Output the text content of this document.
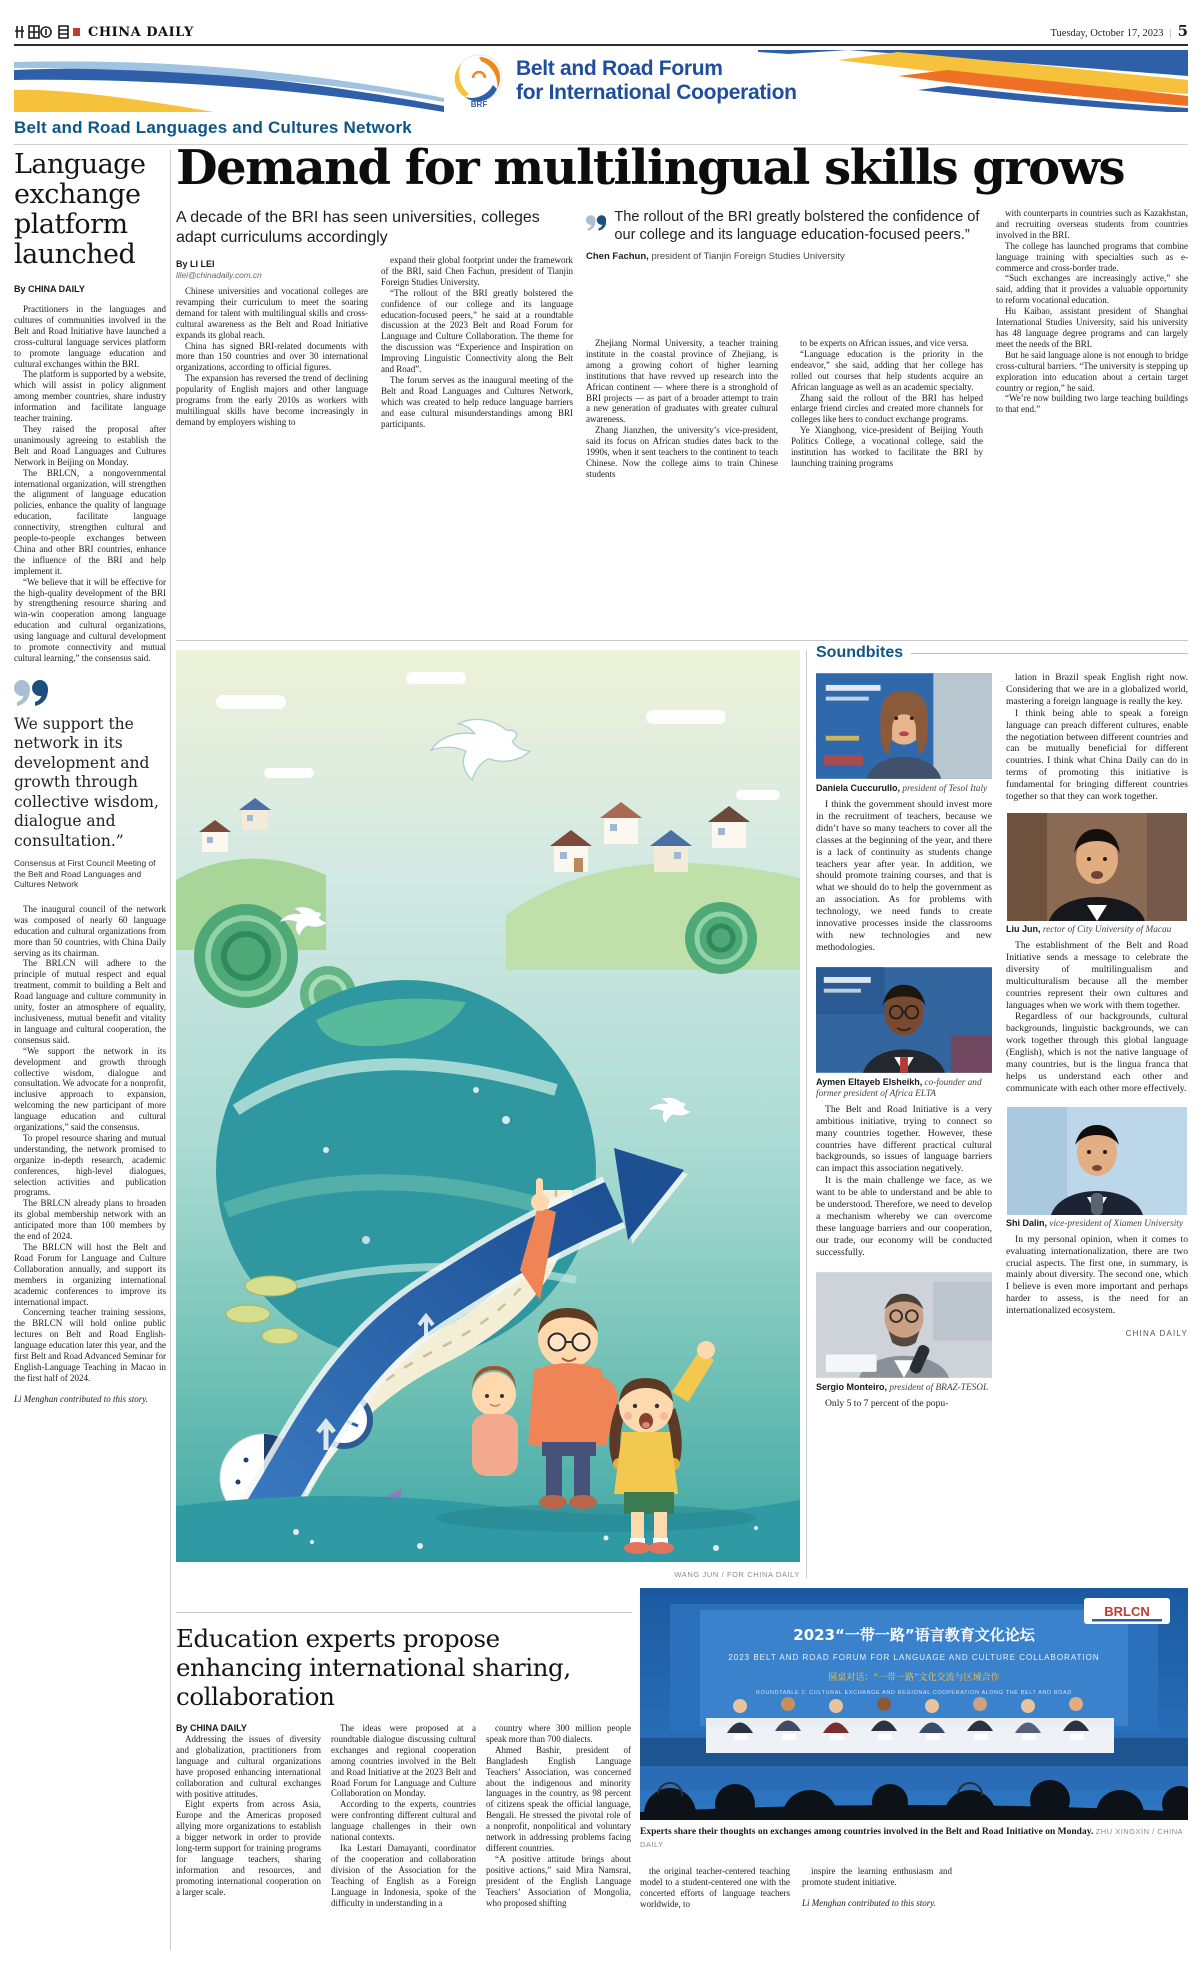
CHINA DAILY	Tuesday, October 17, 2023 | 5
BRF
Belt and Road Forum
for International Cooperation
Belt and Road Languages and Cultures Network
Language exchange platform launched
By CHINA DAILY

Practitioners in the languages and cultures of communities involved in the Belt and Road Initiative have launched a cross-cultural language services platform to promote language education and cultural exchanges within the BRI.

The platform is supported by a website, which will assist in policy alignment among member countries, share industry information and facilitate language teacher training.

They raised the proposal after unanimously agreeing to establish the Belt and Road Languages and Cultures Network in Beijing on Monday.

The BRLCN, a nongovernmental international organization, will strengthen the alignment of language education policies, enhance the quality of language education, facilitate language connectivity, strengthen cultural and people-to-people exchanges between China and other BRI countries, enhance the influence of the BRI and help implement it.

“We believe that it will be effective for the high-quality development of the BRI by strengthening resource sharing and win-win cooperation among language education and cultural organizations, using language and cultural development to promote connectivity and mutual cultural learning,” the consensus said.

We support the network in its development and growth through collective wisdom, dialogue and consultation.”
Consensus at First Council Meeting of the Belt and Road Languages and Cultures Network

The inaugural council of the network was composed of nearly 60 language education and cultural organizations from more than 50 countries, with China Daily serving as its chairman.

The BRLCN will adhere to the principle of mutual respect and equal treatment, commit to building a Belt and Road language and culture community in unity, foster an atmosphere of equality, inclusiveness, mutual benefit and vitality in language and cultural cooperation, the consensus said.

“We support the network in its development and growth through collective wisdom, dialogue and consultation. We advocate for a nonprofit, inclusive approach to expansion, welcoming the new participant of more language education and cultural organizations,” said the consensus.

To propel resource sharing and mutual understanding, the network promised to organize in-depth research, academic conferences, high-level dialogues, selection activities and publication programs.

The BRLCN already plans to broaden its global membership network with an anticipated more than 100 members by the end of 2024.

The BRLCN will host the Belt and Road Forum for Language and Culture Collaboration annually, and support its members in organizing international academic conferences to improve its international impact.

Concerning teacher training sessions, the BRLCN will hold online public lectures on Belt and Road English-language education later this year, and the first Belt and Road Advanced Seminar for English-Language Teaching in Macao in the first half of 2024.

Li Menghan contributed to this story.
Demand for multilingual skills grows
A decade of the BRI has seen universities, colleges adapt curriculums accordingly
By LI LEI
lilei@chinadaily.com.cn

Chinese universities and vocational colleges are revamping their curriculum to meet the soaring demand for talent with multilingual skills and cross-cultural awareness as the Belt and Road Initiative expands its global reach.

China has signed BRI-related documents with more than 150 countries and over 30 international organizations, according to official figures.

The expansion has reversed the trend of declining popularity of English majors and other language programs from the early 2010s as workers with multilingual skills have become increasingly in demand by employers wishing to

expand their global footprint under the framework of the BRI, said Chen Fachun, president of Tianjin Foreign Studies University.

“The rollout of the BRI greatly bolstered the confidence of our college and its language education-focused peers,” he said at a roundtable discussion at the 2023 Belt and Road Forum for Language and Culture Collaboration. The theme for the discussion was “Experience and Inspiration on Improving Linguistic Connectivity along the Belt and Road”.

The forum serves as the inaugural meeting of the Belt and Road Languages and Cultures Network, which was created to help reduce language barriers and ease cultural misunderstandings among BRI participants.

The rollout of the BRI greatly bolstered the confidence of our college and its language education-focused peers.”
Chen Fachun, president of Tianjin Foreign Studies University

Zhejiang Normal University, a teacher training institute in the coastal province of Zhejiang, is among a growing cohort of higher learning institutions that have revved up research into the African continent — where there is a stronghold of BRI projects — as part of a broader attempt to train a new generation of graduates with greater cultural awareness.

Zhang Jianzhen, the university’s vice-president, said its focus on African studies dates back to the 1990s, when it sent teachers to the continent to teach Chinese. Now the college aims to train Chinese students

to be experts on African issues, and vice versa.

“Language education is the priority in the endeavor,” she said, adding that her college has rolled out courses that help students acquire an African language as well as an academic specialty.

Zhang said the rollout of the BRI has helped enlarge friend circles and created more channels for colleges like hers to conduct exchange programs.

Ye Xianghong, vice-president of Beijing Youth Politics College, a vocational college, said the institution has worked to facilitate the BRI by launching training programs

with counterparts in countries such as Kazakhstan, and recruiting overseas students from countries involved in the BRI.

The college has launched programs that combine language training with specialties such as e-commerce and cross-border trade.

“Such exchanges are increasingly active,” she said, adding that it provides a valuable opportunity to reform vocational education.

Hu Kaibao, assistant president of Shanghai International Studies University, said his university has 48 language degree programs and can largely meet the needs of the BRI.

But he said language alone is not enough to bridge cross-cultural barriers. “The university is stepping up exploration into education about a certain target country or region,” he said.

“We’re now building two large teaching buildings to that end.”

WANG JUN / FOR CHINA DAILY
Soundbites
Daniela Cuccurullo, president of Tesol Italy

I think the government should invest more in the recruitment of teachers, because we didn’t have so many teachers to cover all the classes at the beginning of the year, and there is a lack of continuity as students change teachers year after year. In addition, we should promote training courses, and that is what we should do to help the government as an association. As for problems with technology, we need funds to create innovative processes inside the classrooms with new technologies and new methodologies.

Aymen Eltayeb Elsheikh, co-founder and former president of Africa ELTA

The Belt and Road Initiative is a very ambitious initiative, trying to connect so many countries together. However, these countries have different practical cultural backgrounds, so issues of language barriers can impact this association negatively.

It is the main challenge we face, as we want to be able to understand and be able to be understood. Therefore, we need to develop a mechanism whereby we can overcome these language barriers and our cooperation, our trade, our economy will be conducted successfully.

Sergio Monteiro, president of BRAZ-TESOL

Only 5 to 7 percent of the popu-

lation in Brazil speak English right now. Considering that we are in a globalized world, mastering a foreign language is really the key.

I think being able to speak a foreign language can preach different cultures, enable the negotiation between different countries and can be mutually beneficial for different countries. I think what China Daily can do in terms of promoting this initiative is fundamental for bringing different countries together so that they can work together.

Liu Jun, rector of City University of Macau

The establishment of the Belt and Road Initiative sends a message to celebrate the diversity of multilingualism and multiculturalism because all the member countries represent their own cultures and languages when we work with them together.

Regardless of our backgrounds, cultural backgrounds, linguistic backgrounds, we can work together through this global language (English), which is not the native language of many countries, but is the lingua franca that helps us understand each other and communicate with each other more effectively.

Shi Dalin, vice-president of Xiamen University

In my personal opinion, when it comes to evaluating internationalization, there are two crucial aspects. The first one, in summary, is mainly about diversity. The second one, which I believe is even more important and perhaps harder to assess, is the need for an internationalized ecosystem.

CHINA DAILY
Education experts propose enhancing international sharing, collaboration
By CHINA DAILY

Addressing the issues of diversity and globalization, practitioners from language and cultural organizations have proposed enhancing international collaboration and cultural exchanges with positive attitudes.

Eight experts from across Asia, Europe and the Americas proposed allying more organizations to establish a bigger network in order to provide long-term support for training programs for language teachers, sharing information and resources, and promoting international cooperation on a larger scale.

The ideas were proposed at a roundtable dialogue discussing cultural exchanges and regional cooperation among countries involved in the Belt and Road Initiative at the 2023 Belt and Road Forum for Language and Culture Collaboration on Monday.

According to the experts, countries were confronting different cultural and language challenges in their own national contexts.

Ika Lestari Damayanti, coordinator of the cooperation and collaboration division of the Association for the Teaching of English as a Foreign Language in Indonesia, spoke of the difficulty in understanding in a

country where 300 million people speak more than 700 dialects.

Ahmed Bashir, president of Bangladesh English Language Teachers’ Association, was concerned about the indigenous and minority languages in the country, as 98 percent of citizens speak the official language, Bengali. He stressed the pivotal role of a nonprofit, nonpolitical and voluntary network in addressing problems facing different countries.

“A positive attitude brings about positive actions,” said Mira Namsrai, president of the English Language Teachers’ Association of Mongolia, who proposed shifting

2023“一带一路”语言教育文化论坛
2023 BELT AND ROAD FORUM FOR LANGUAGE AND CULTURE COLLABORATION
圆桌对话：“一带一路”文化交流与区域合作
ROUNDTABLE 1: CULTURAL EXCHANGE AND REGIONAL COOPERATION ALONG THE BELT AND ROAD
BRLCN
Experts share their thoughts on exchanges among countries involved in the Belt and Road Initiative on Monday. ZHU XINGXIN / CHINA DAILY

the original teacher-centered teaching model to a student-centered one with the concerted efforts of language teachers worldwide, to

inspire the learning enthusiasm and promote student initiative.

Li Menghan contributed to this story.
